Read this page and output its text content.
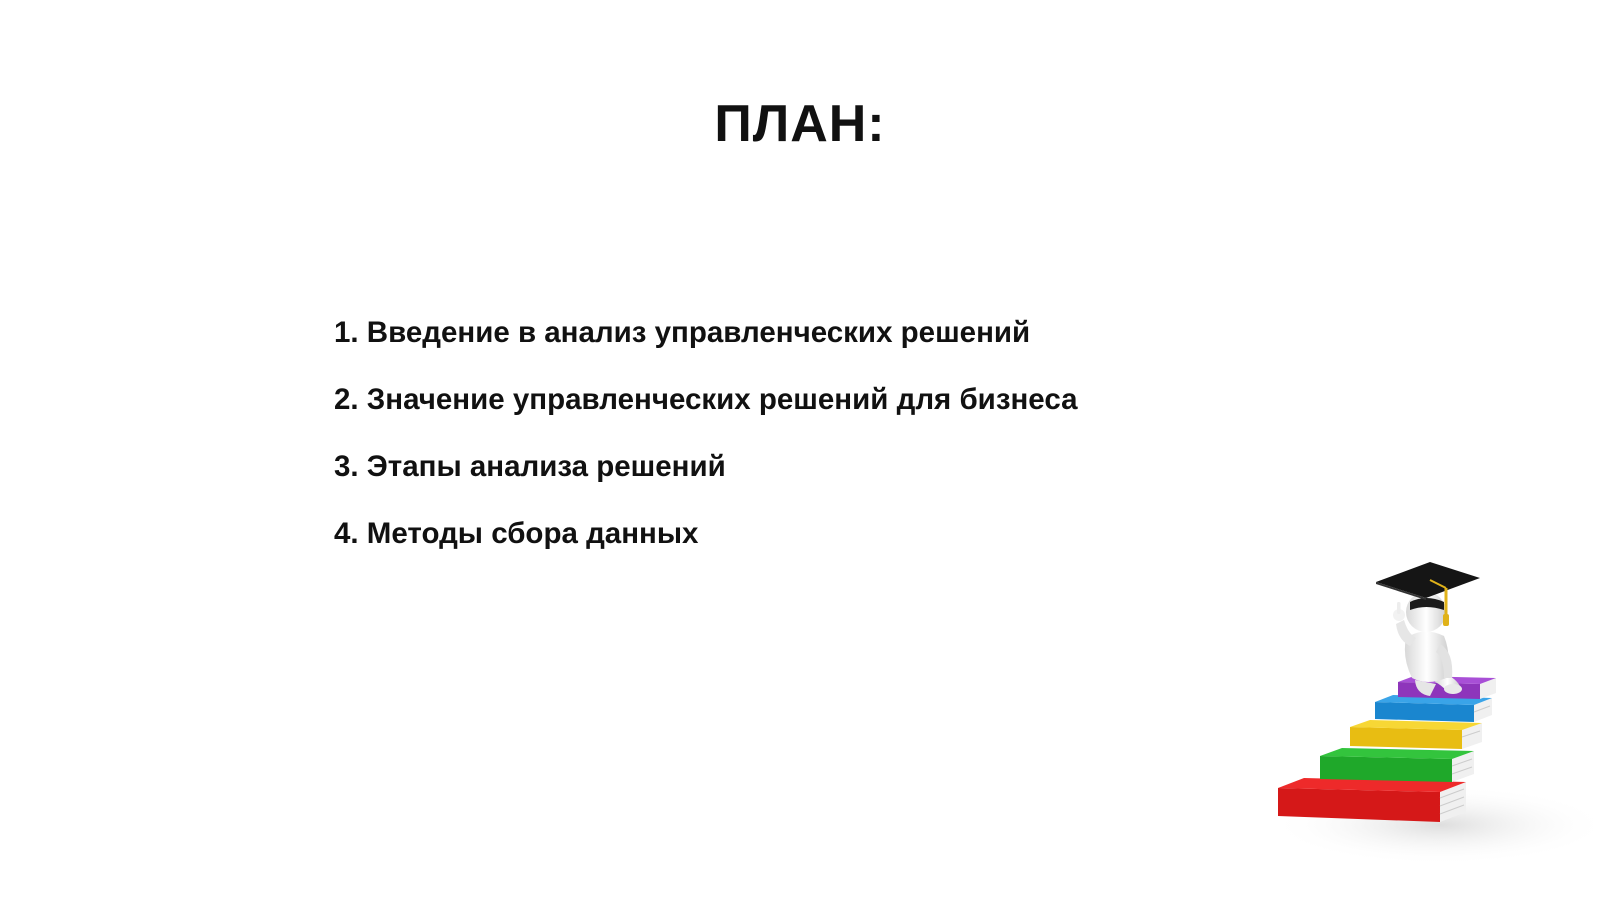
ПЛАН:
1. Введение в анализ управленческих решений
2. Значение управленческих решений для бизнеса
3. Этапы анализа решений
4. Методы сбора данных
